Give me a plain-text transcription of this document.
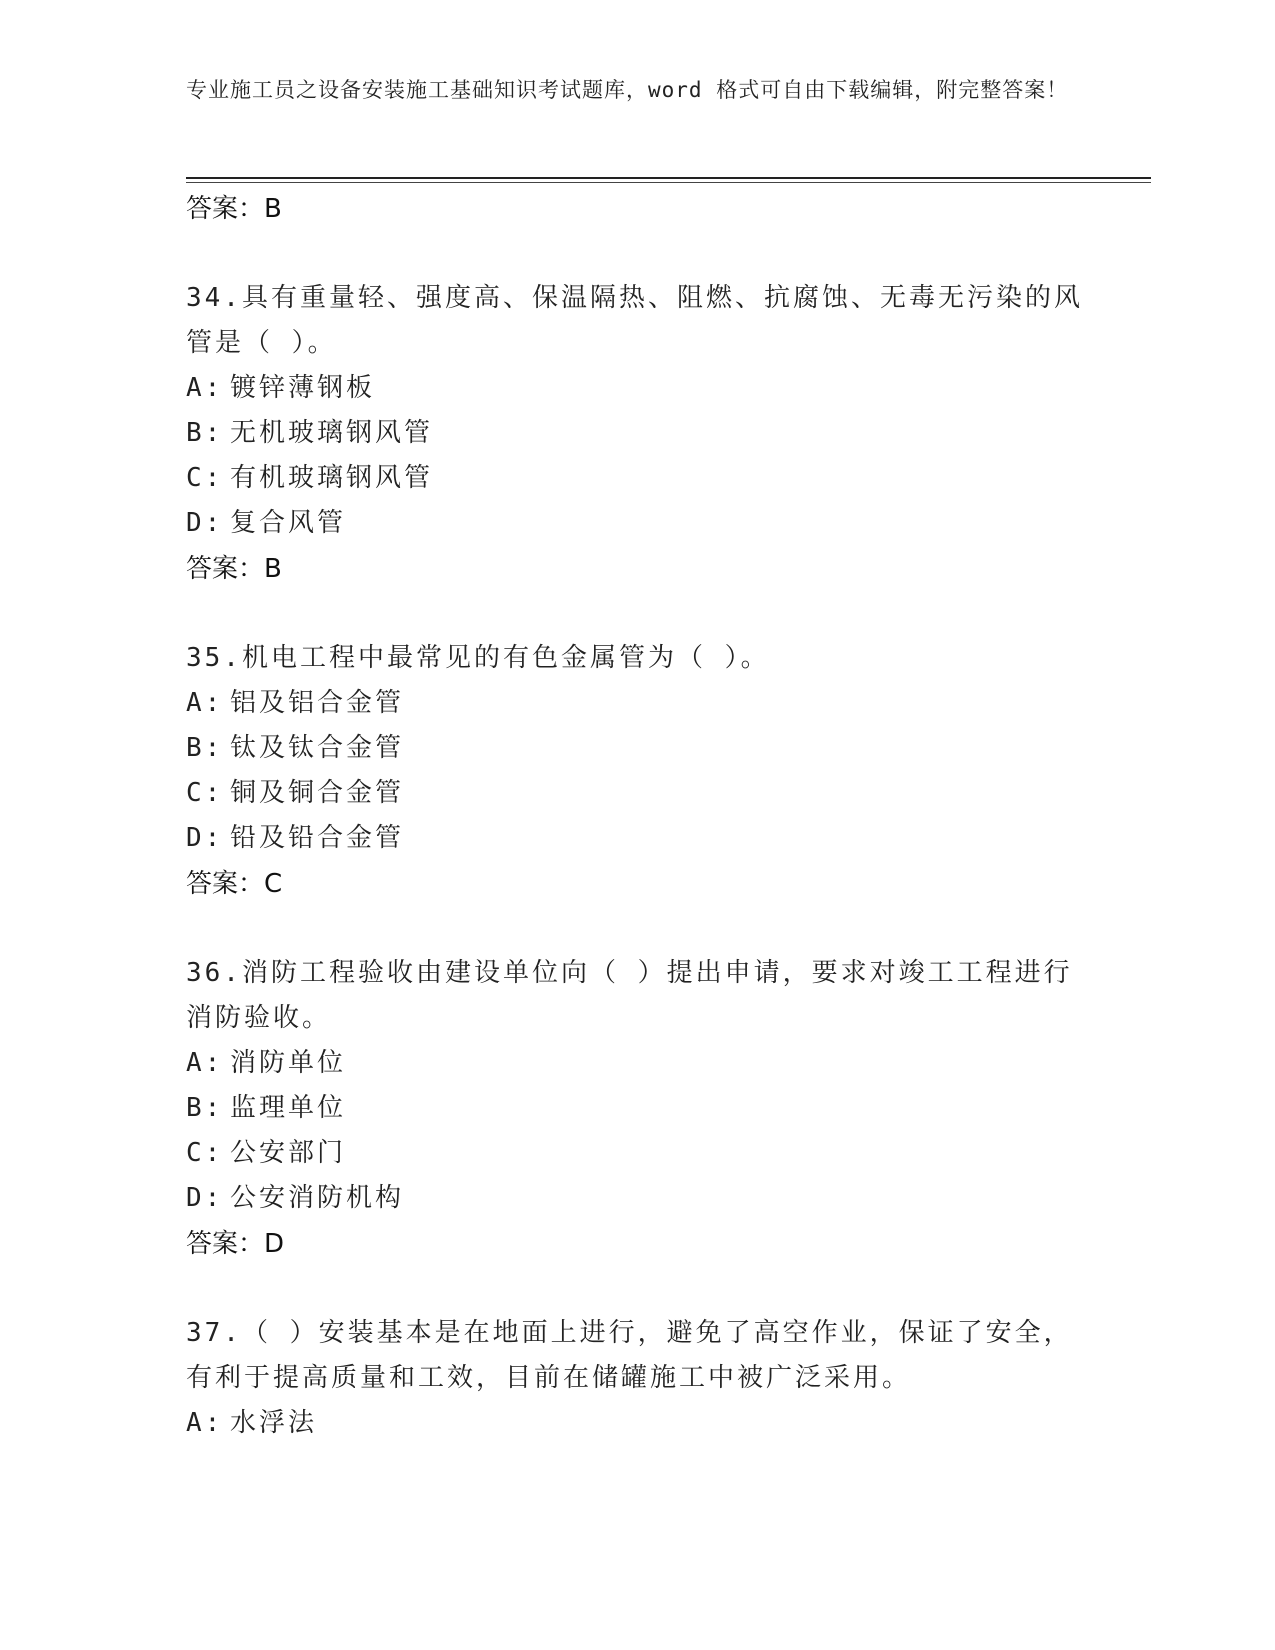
专业施工员之设备安装施工基础知识考试题库，word 格式可自由下载编辑，附完整答案！
答案：B
34.具有重量轻、强度高、保温隔热、阻燃、抗腐蚀、无毒无污染的风管是（ ）。
A: 镀锌薄钢板
B: 无机玻璃钢风管
C: 有机玻璃钢风管
D: 复合风管
答案：B
35.机电工程中最常见的有色金属管为（ ）。
A: 铝及铝合金管
B: 钛及钛合金管
C: 铜及铜合金管
D: 铅及铅合金管
答案：C
36.消防工程验收由建设单位向（ ）提出申请，要求对竣工工程进行消防验收。
A: 消防单位
B: 监理单位
C: 公安部门
D: 公安消防机构
答案：D
37.（ ）安装基本是在地面上进行，避免了高空作业，保证了安全，有利于提高质量和工效，目前在储罐施工中被广泛采用。
A: 水浮法
